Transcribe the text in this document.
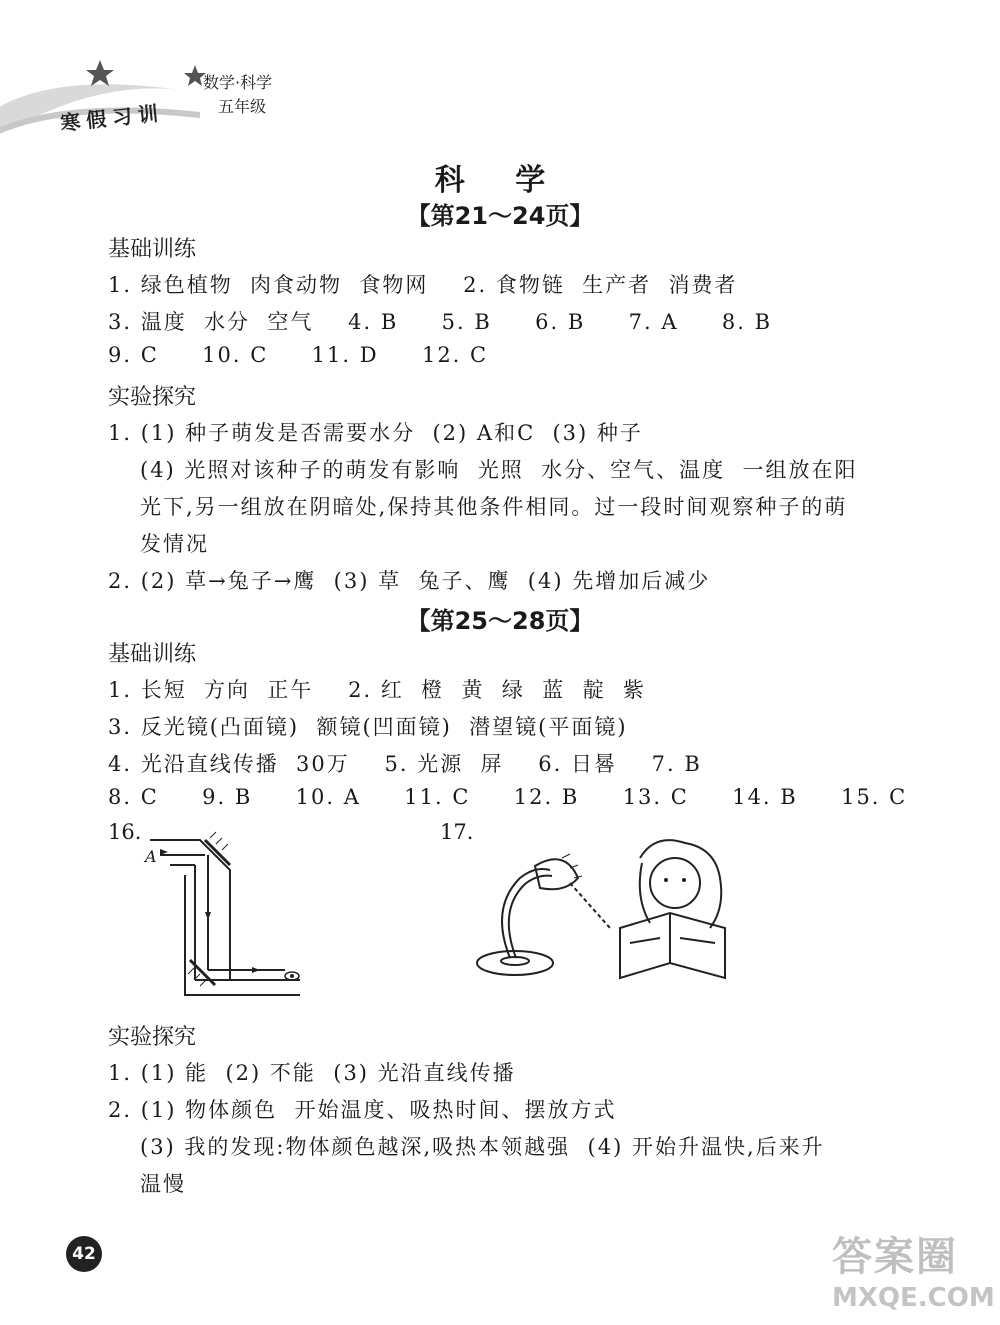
寒假习训
数学·科学
五年级
科 学
【第21～24页】
基础训练
1. 绿色植物  肉食动物  食物网    2. 食物链  生产者  消费者
3. 温度  水分  空气    4. B     5. B     6. B     7. A     8. B
9. C     10. C     11. D     12. C
实验探究
1. (1) 种子萌发是否需要水分  (2) A和C  (3) 种子
(4) 光照对该种子的萌发有影响  光照  水分、空气、温度  一组放在阳
光下,另一组放在阴暗处,保持其他条件相同。过一段时间观察种子的萌
发情况
2. (2) 草→兔子→鹰  (3) 草  兔子、鹰  (4) 先增加后减少
【第25～28页】
基础训练
1. 长短  方向  正午    2. 红  橙  黄  绿  蓝  靛  紫
3. 反光镜(凸面镜)  额镜(凹面镜)  潜望镜(平面镜)
4. 光沿直线传播  30万    5. 光源  屏    6. 日晷    7. B
8. C     9. B     10. A     11. C     12. B     13. C     14. B     15. C
16.
A
17.
实验探究
1. (1) 能  (2) 不能  (3) 光沿直线传播
2. (1) 物体颜色  开始温度、吸热时间、摆放方式
(3) 我的发现:物体颜色越深,吸热本领越强  (4) 开始升温快,后来升
温慢
42	答案圈
MXQE.COM
